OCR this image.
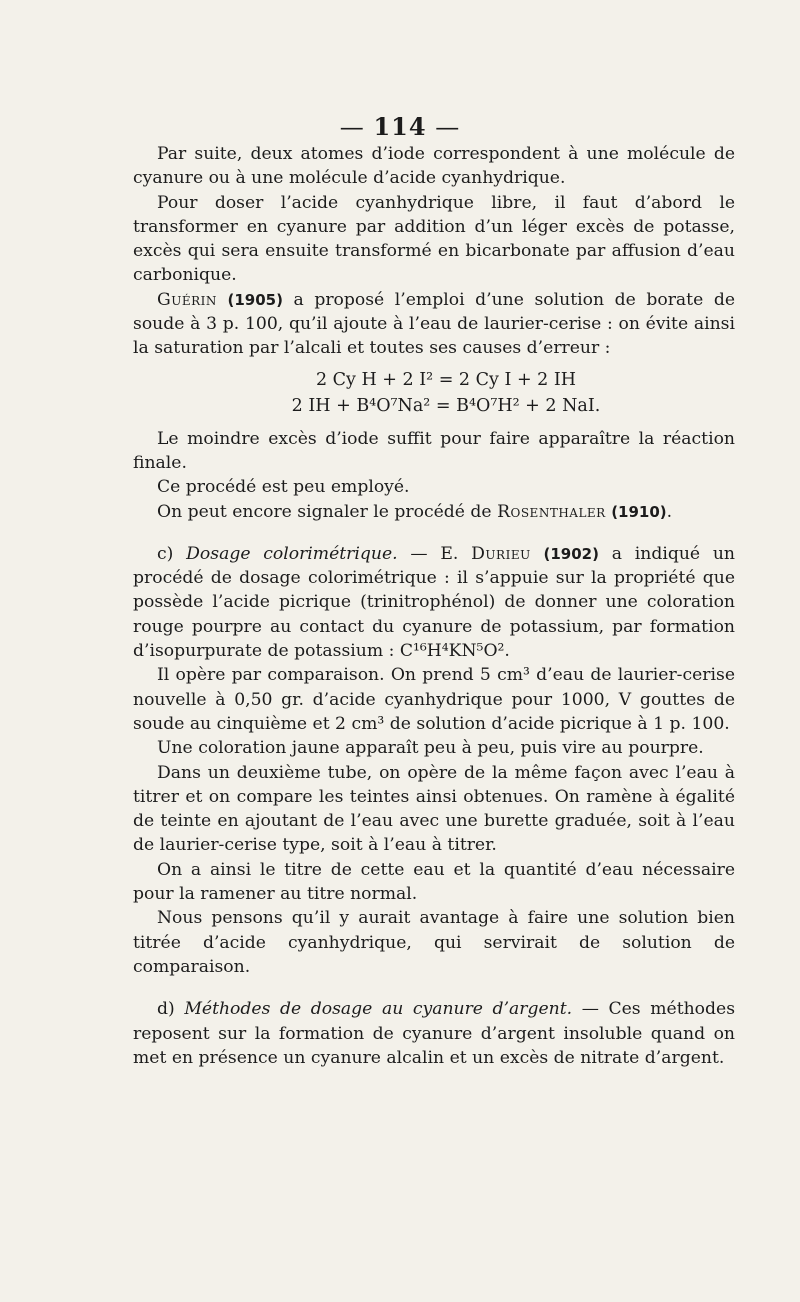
— 114 —

Par suite, deux atomes d’iode correspondent à une molécule de cyanure ou à une molécule d’acide cyanhydrique.

Pour doser l’acide cyanhydrique libre, il faut d’abord le transformer en cyanure par addition d’un léger excès de potasse, excès qui sera ensuite transformé en bicarbonate par affusion d’eau carbonique.

Guérin (1905) a proposé l’emploi d’une solution de borate de soude à 3 p. 100, qu’il ajoute à l’eau de laurier-cerise : on évite ainsi la saturation par l’alcali et toutes ses causes d’erreur :

2 Cy H + 2 I² = 2 Cy I + 2 IH

2 IH + B⁴O⁷Na² = B⁴O⁷H² + 2 NaI.

Le moindre excès d’iode suffit pour faire apparaître la réaction finale.

Ce procédé est peu employé.

On peut encore signaler le procédé de Rosenthaler (1910).

c) Dosage colorimétrique. — E. Durieu (1902) a indiqué un procédé de dosage colorimétrique : il s’appuie sur la propriété que possède l’acide picrique (trinitrophénol) de donner une coloration rouge pourpre au contact du cyanure de potassium, par formation d’isopurpurate de potassium : C¹⁶H⁴KN⁵O².

Il opère par comparaison. On prend 5 cm³ d’eau de laurier-cerise nouvelle à 0,50 gr. d’acide cyanhydrique pour 1000, V gouttes de soude au cinquième et 2 cm³ de solution d’acide picrique à 1 p. 100.

Une coloration jaune apparaît peu à peu, puis vire au pourpre.

Dans un deuxième tube, on opère de la même façon avec l’eau à titrer et on compare les teintes ainsi obtenues. On ramène à égalité de teinte en ajoutant de l’eau avec une burette graduée, soit à l’eau de laurier-cerise type, soit à l’eau à titrer.

On a ainsi le titre de cette eau et la quantité d’eau nécessaire pour la ramener au titre normal.

Nous pensons qu’il y aurait avantage à faire une solution bien titrée d’acide cyanhydrique, qui servirait de solution de comparaison.

d) Méthodes de dosage au cyanure d’argent. — Ces méthodes reposent sur la formation de cyanure d’argent insoluble quand on met en présence un cyanure alcalin et un excès de nitrate d’argent.
